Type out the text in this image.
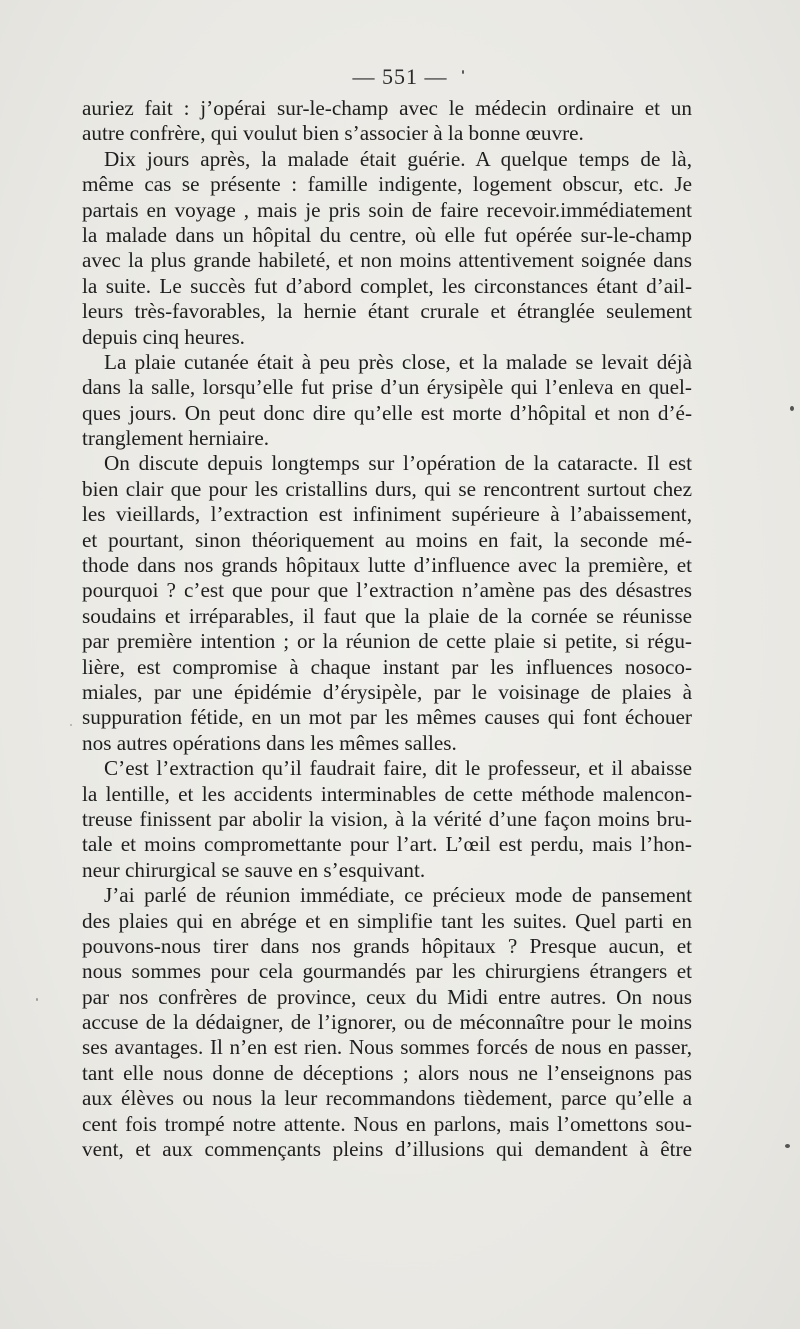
— 551 —
auriez fait : j’opérai sur-le-champ avec le médecin ordinaire et un
autre confrère, qui voulut bien s’associer à la bonne œuvre.
Dix jours après, la malade était guérie. A quelque temps de là,
même cas se présente : famille indigente, logement obscur, etc. Je
partais en voyage , mais je pris soin de faire recevoir.immédiatement
la malade dans un hôpital du centre, où elle fut opérée sur-le-champ
avec la plus grande habileté, et non moins attentivement soignée dans
la suite. Le succès fut d’abord complet, les circonstances étant d’ail-
leurs très-favorables, la hernie étant crurale et étranglée seulement
depuis cinq heures.
La plaie cutanée était à peu près close, et la malade se levait déjà
dans la salle, lorsqu’elle fut prise d’un érysipèle qui l’enleva en quel-
ques jours. On peut donc dire qu’elle est morte d’hôpital et non d’é-
tranglement herniaire.
On discute depuis longtemps sur l’opération de la cataracte. Il est
bien clair que pour les cristallins durs, qui se rencontrent surtout chez
les vieillards, l’extraction est infiniment supérieure à l’abaissement,
et pourtant, sinon théoriquement au moins en fait, la seconde mé-
thode dans nos grands hôpitaux lutte d’influence avec la première, et
pourquoi ? c’est que pour que l’extraction n’amène pas des désastres
soudains et irréparables, il faut que la plaie de la cornée se réunisse
par première intention ; or la réunion de cette plaie si petite, si régu-
lière, est compromise à chaque instant par les influences nosoco-
miales, par une épidémie d’érysipèle, par le voisinage de plaies à
suppuration fétide, en un mot par les mêmes causes qui font échouer
nos autres opérations dans les mêmes salles.
C’est l’extraction qu’il faudrait faire, dit le professeur, et il abaisse
la lentille, et les accidents interminables de cette méthode malencon-
treuse finissent par abolir la vision, à la vérité d’une façon moins bru-
tale et moins compromettante pour l’art. L’œil est perdu, mais l’hon-
neur chirurgical se sauve en s’esquivant.
J’ai parlé de réunion immédiate, ce précieux mode de pansement
des plaies qui en abrége et en simplifie tant les suites. Quel parti en
pouvons-nous tirer dans nos grands hôpitaux ? Presque aucun, et
nous sommes pour cela gourmandés par les chirurgiens étrangers et
par nos confrères de province, ceux du Midi entre autres. On nous
accuse de la dédaigner, de l’ignorer, ou de méconnaître pour le moins
ses avantages. Il n’en est rien. Nous sommes forcés de nous en passer,
tant elle nous donne de déceptions ; alors nous ne l’enseignons pas
aux élèves ou nous la leur recommandons tièdement, parce qu’elle a
cent fois trompé notre attente. Nous en parlons, mais l’omettons sou-
vent, et aux commençants pleins d’illusions qui demandent à être
